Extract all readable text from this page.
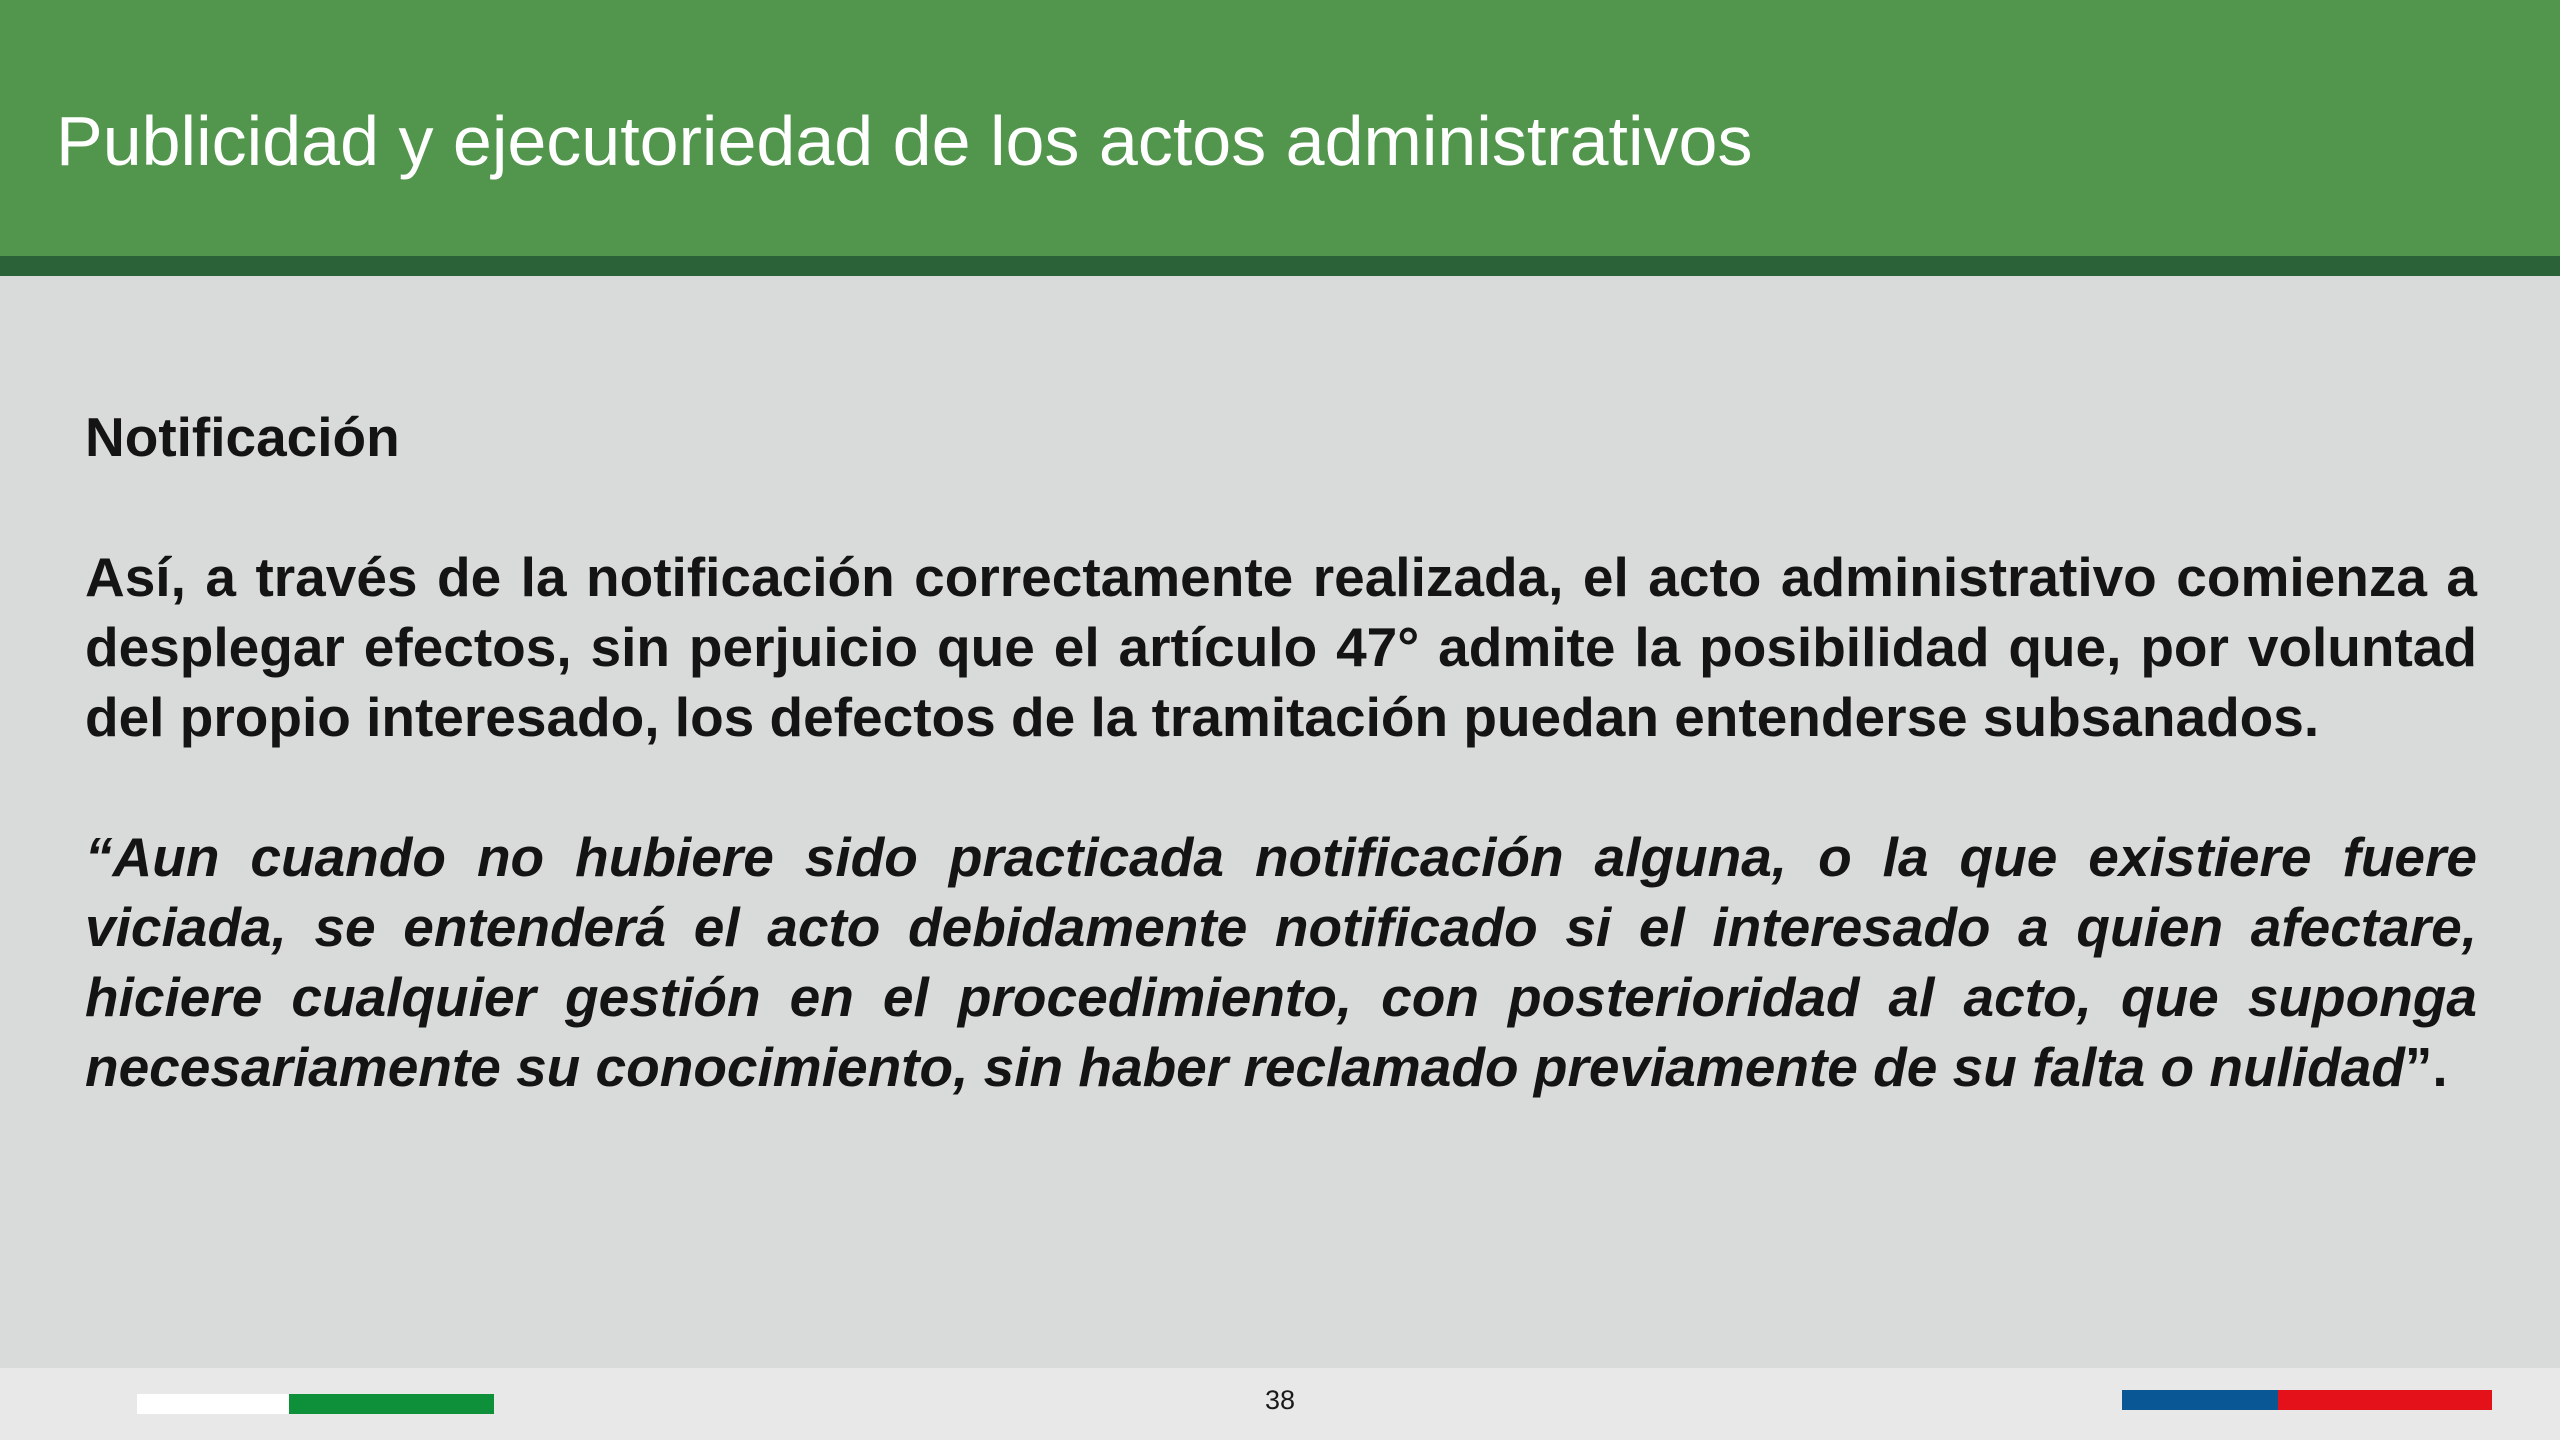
Publicidad y ejecutoriedad de los actos administrativos

Notificación

Así, a través de la notificación correctamente realizada, el acto administrativo comienza a desplegar efectos, sin perjuicio que el artículo 47° admite la posibilidad que, por voluntad del propio interesado, los defectos de la tramitación puedan entenderse subsanados.

“Aun cuando no hubiere sido practicada notificación alguna, o la que existiere fuere viciada, se entenderá el acto debidamente notificado si el interesado a quien afectare, hiciere cualquier gestión en el procedimiento, con posterioridad al acto, que suponga necesariamente su conocimiento, sin haber reclamado previamente de su falta o nulidad”.

38
